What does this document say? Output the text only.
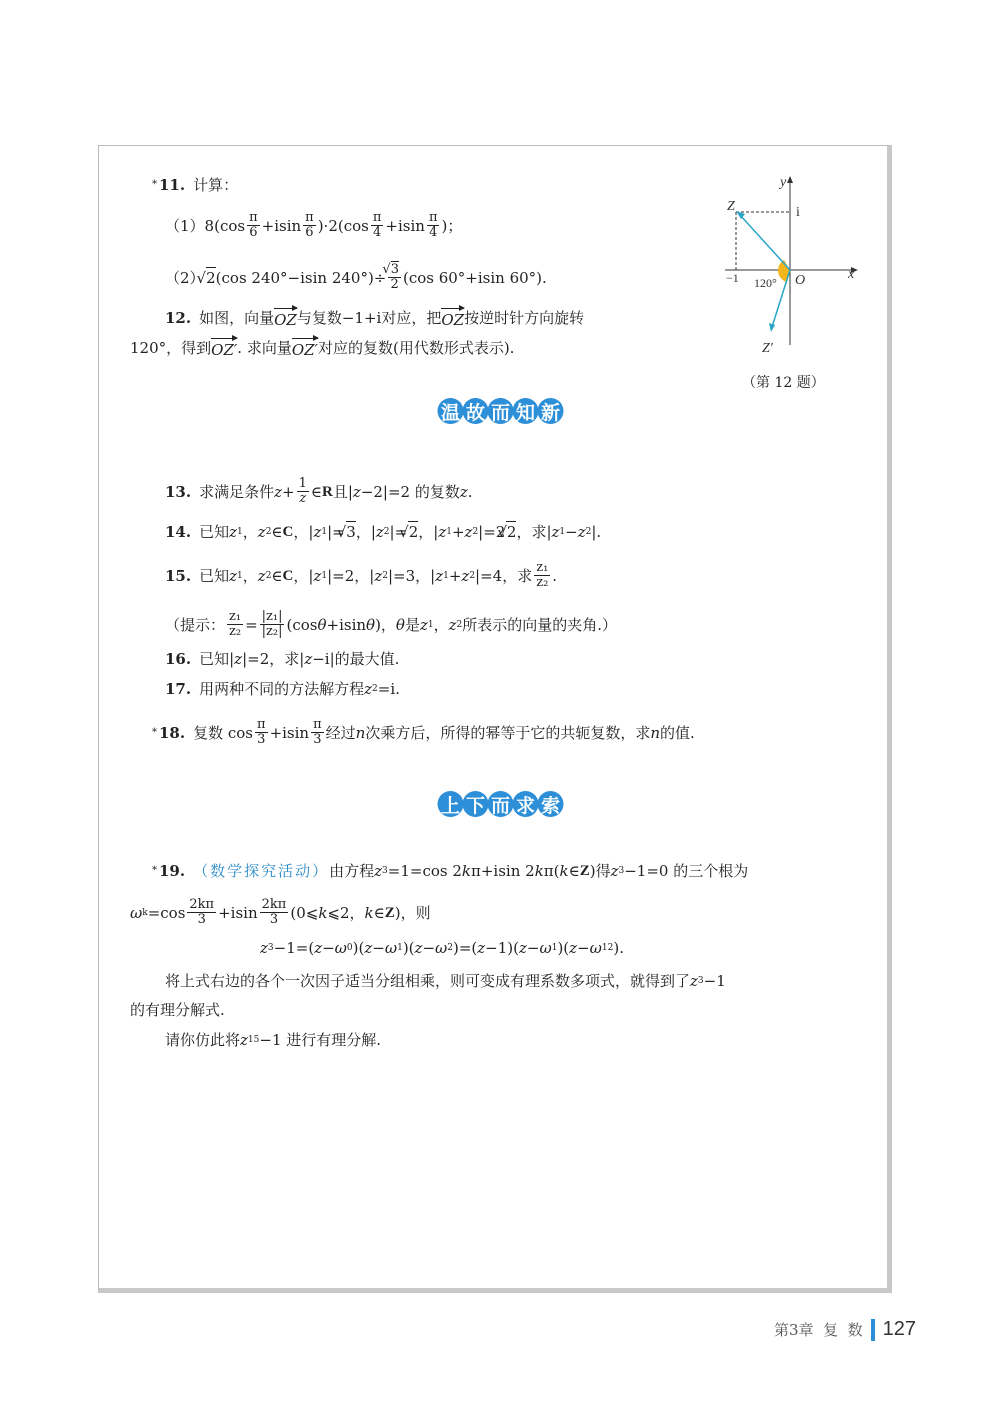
* 11. 计算：
$(1)8(\cos \frac{\pi}{6} +isin \frac{\pi}{6} )\cdot 2(\cos \frac{\pi}{4} +isin \frac{\pi}{4}$ )；
（2） √ 2 (cos 240°−isin 240°)÷ √ $\frac{3}{2} (\cos$ 60°+isin 60°).
12. 如图，向量 OZ 与复数−1+i对应，把 OZ 按逆时针方向旋转
120°，得到 OZ′ . 求向量 OZ′ 对应的复数(用代数形式表示).
y
x
Z	i
−1	O
120°
Z′
（第 12 题）
温 故 而 知 新
13. 求满足条件 $z + \frac{1}{z}$ ∈ R 且| z −2|=2 的复数 z .
14. 已知 z 1 ， z 2 ∈ C ，| z 1 |= √ 3 ，| z 2 |= √ 2 ，| z 1 + z 2 |=2 √ 2 ，求| z 1 − z 2 |.
15. 已知 z 1 ， z 2 ∈ C ，| z 1 |=2，| z 2 |=3，| z 1 + z 2 |=4，求 $\frac{\text{z₁}}{\text{z₂}}$ .
（提示： $\frac{\text{z₁}}{\text{z₂}} = \frac{\text{|z₁|}}{\text{|z₂|}} (\cos$ θ +isin θ )， θ 是 z 1 ， z 2 所表示的向量的夹角.）
16. 已知| z |=2，求| z −i|的最大值.
17. 用两种不同的方法解方程 z 2 =i.
* 18. 复数 $\cos \frac{\pi}{3} +isin \frac{\pi}{3}$ 经过 n 次乘方后，所得的幂等于它的共轭复数，求 n 的值.
上 下 而 求 索
* 19. （数学探究活动） 由方程 z 3 =1=cos 2 k π+isin 2 k π( k ∈ Z )得 z 3 −1=0 的三个根为
ω $k =\cos \frac{2k\pi}{3} +isin \frac{2k\pi}{3}$ (0⩽ k ⩽2， k ∈ Z )，则
z 3 −1=( z − ω 0 )( z − ω 1 )( z − ω 2 )=( z −1)( z − ω 1 )( z − ω 1 2 ).
将上式右边的各个一次因子适当分组相乘，则可变成有理系数多项式，就得到了 z 3 −1
的有理分解式.
请你仿此将 z 15 −1 进行有理分解.
第3章  复  数 127
